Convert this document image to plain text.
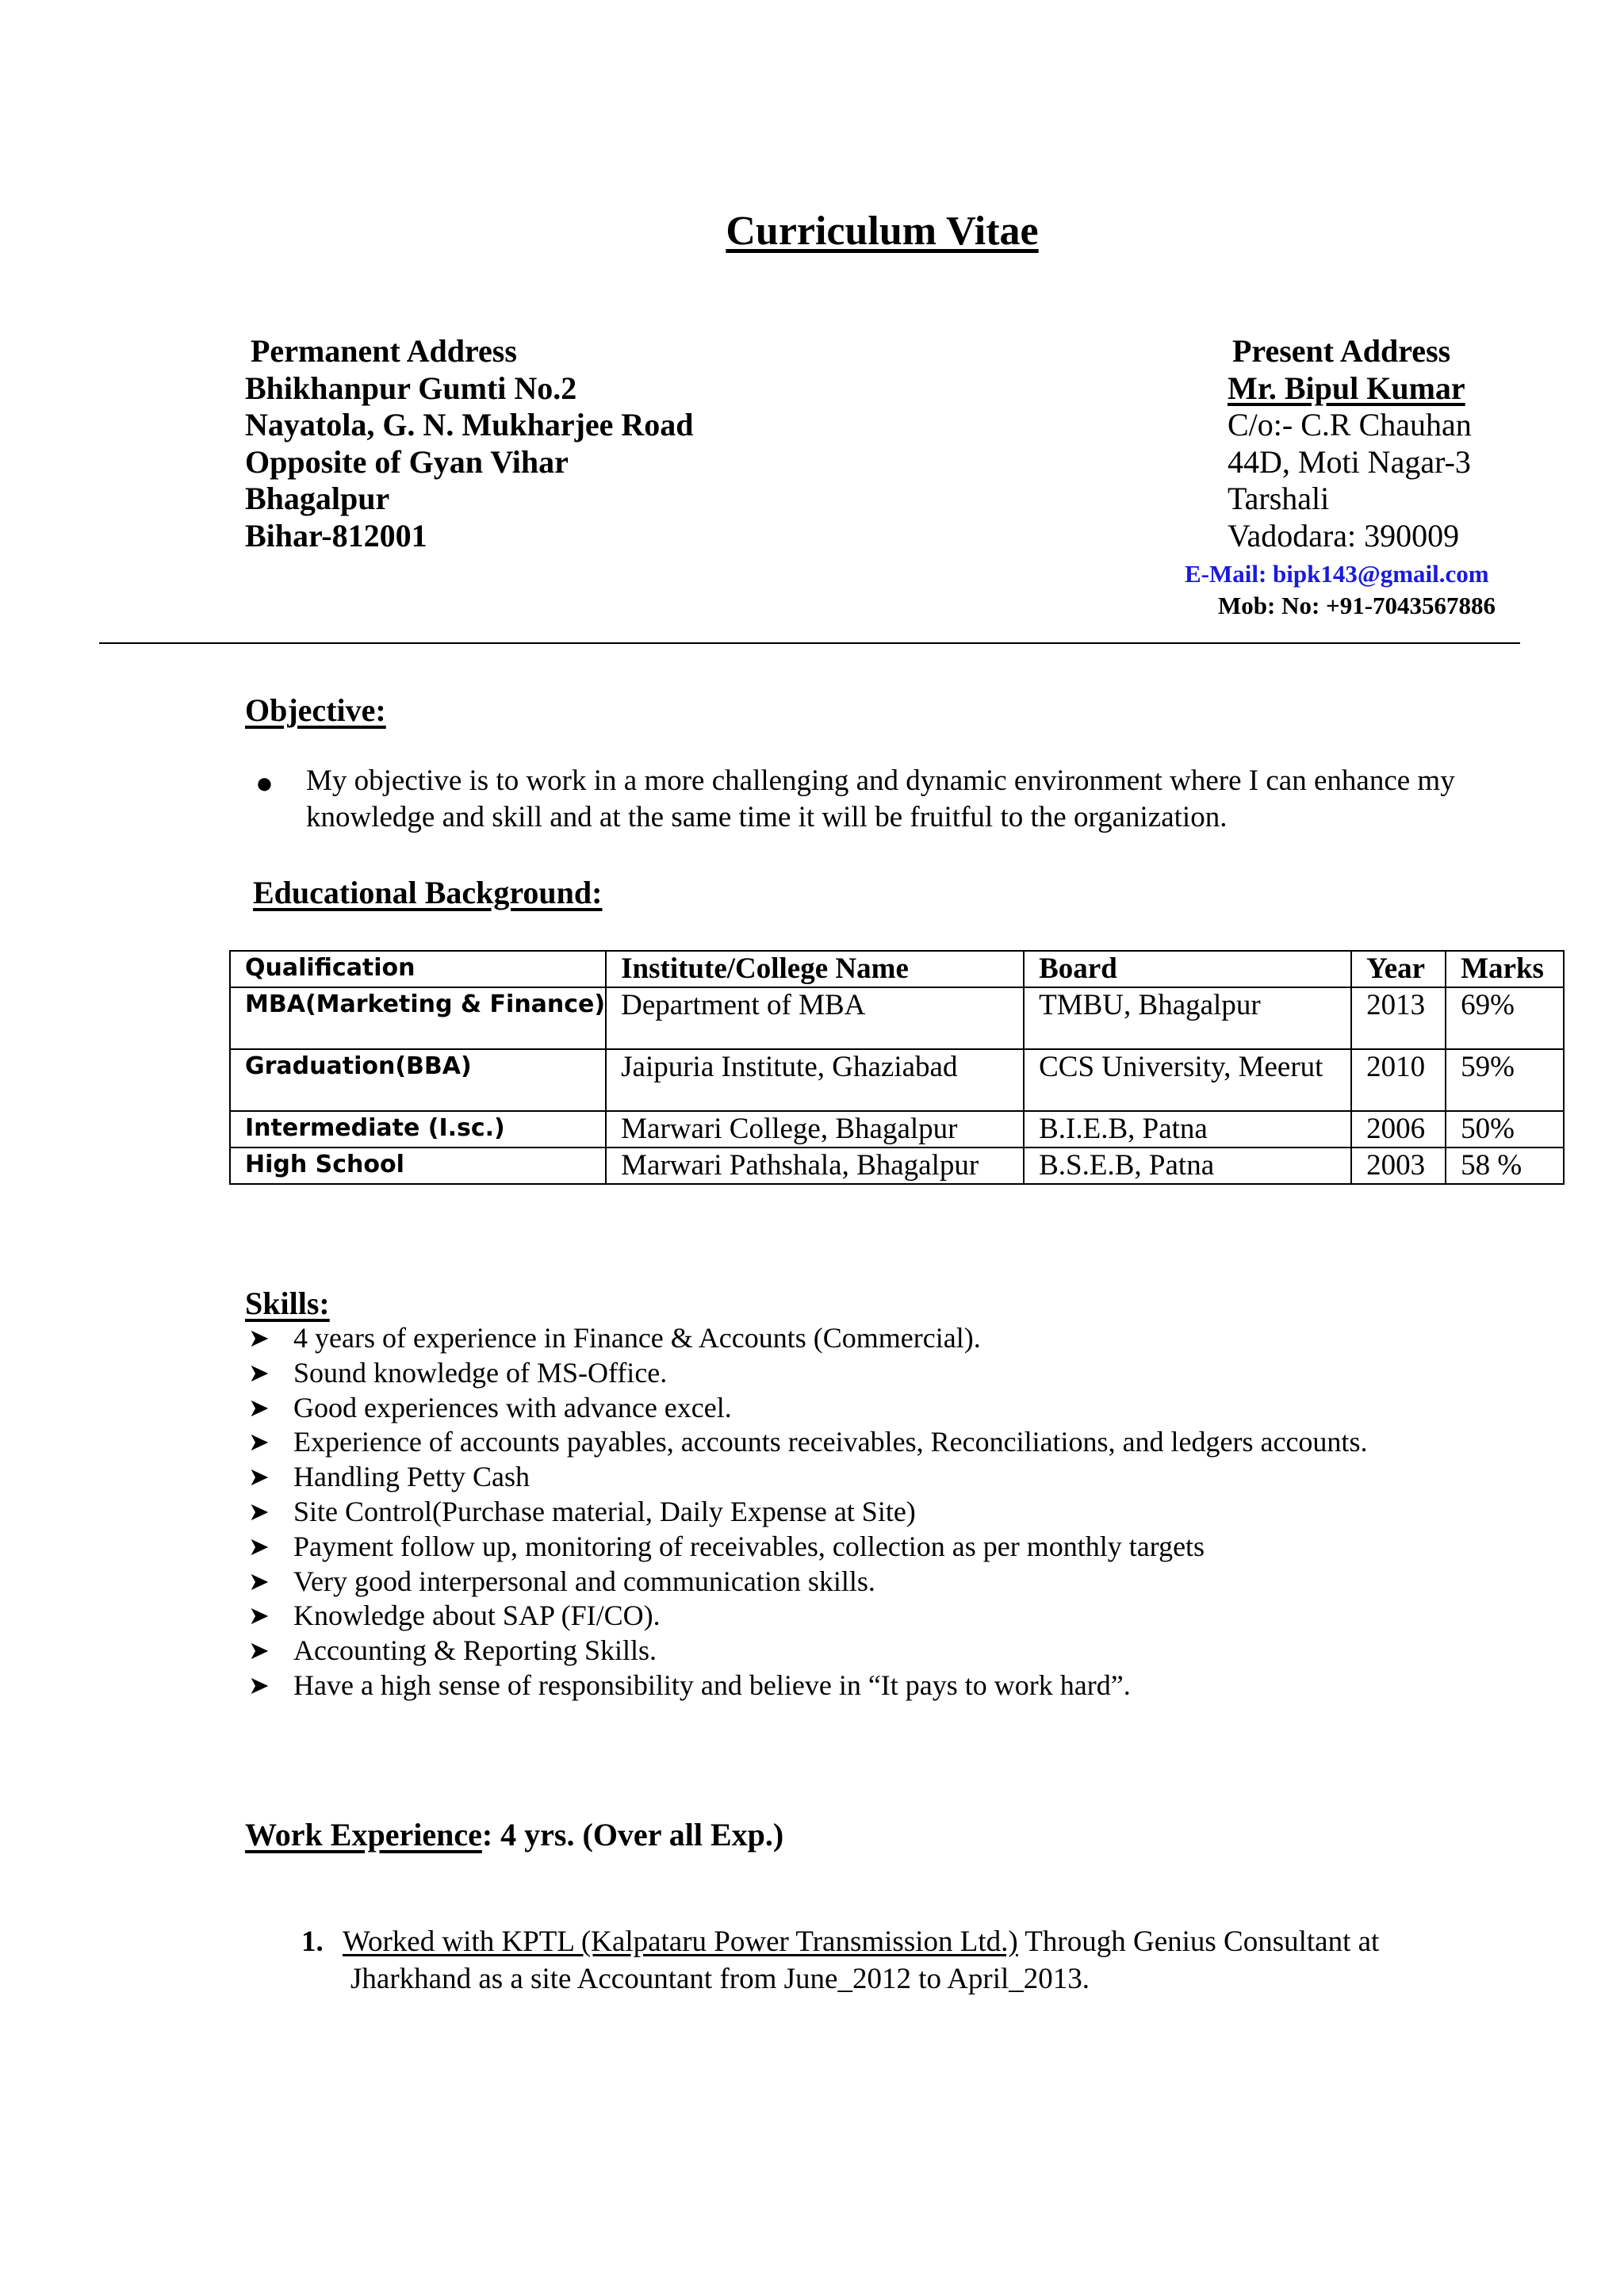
Curriculum Vitae
Permanent Address
Bhikhanpur Gumti No.2
Nayatola, G. N. Mukharjee Road
Opposite of Gyan Vihar
Bhagalpur
Bihar-812001
Present Address
Mr. Bipul Kumar
C/o:- C.R Chauhan
44D, Moti Nagar-3
Tarshali
Vadodara: 390009
E-Mail: bipk143@gmail.com
Mob: No: +91-7043567886
Objective:
● My objective is to work in a more challenging and dynamic environment where I can enhance my knowledge and skill and at the same time it will be fruitful to the organization.
Educational Background:
Qualification	Institute/College Name	Board	Year	Marks
MBA(Marketing & Finance)	Department of MBA	TMBU, Bhagalpur	2013	69%
Graduation(BBA)	Jaipuria Institute, Ghaziabad	CCS University, Meerut	2010	59%
Intermediate (I.sc.)	Marwari College, Bhagalpur	B.I.E.B, Patna	2006	50%
High School	Marwari Pathshala, Bhagalpur	B.S.E.B, Patna	2003	58 %
Skills:
➤ 4 years of experience in Finance & Accounts (Commercial).
➤ Sound knowledge of MS-Office.
➤ Good experiences with advance excel.
➤ Experience of accounts payables, accounts receivables, Reconciliations, and ledgers accounts.
➤ Handling Petty Cash
➤ Site Control(Purchase material, Daily Expense at Site)
➤ Payment follow up, monitoring of receivables, collection as per monthly targets
➤ Very good interpersonal and communication skills.
➤ Knowledge about SAP (FI/CO).
➤ Accounting & Reporting Skills.
➤ Have a high sense of responsibility and believe in “It pays to work hard”.
Work Experience: 4 yrs. (Over all Exp.)
1. Worked with KPTL (Kalpataru Power Transmission Ltd.) Through Genius Consultant at
Jharkhand as a site Accountant from June_2012 to April_2013.
